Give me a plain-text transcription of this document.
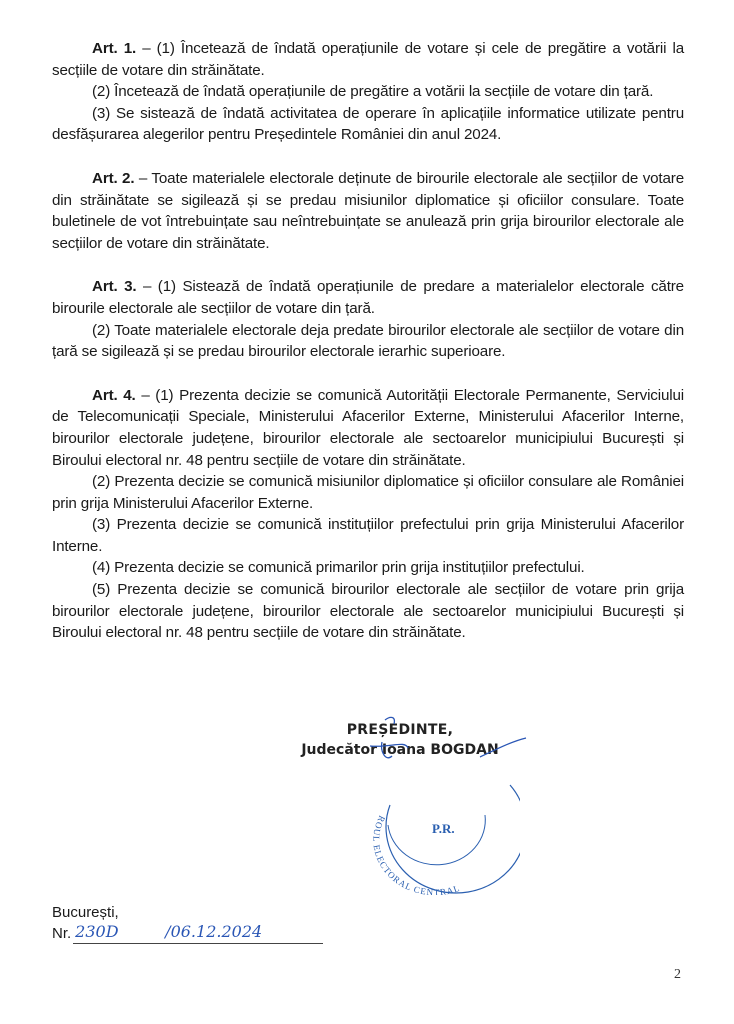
Art. 1. – (1) Încetează de îndată operațiunile de votare și cele de pregătire a votării la secțiile de votare din străinătate.

(2) Încetează de îndată operațiunile de pregătire a votării la secțiile de votare din țară.

(3) Se sistează de îndată activitatea de operare în aplicațiile informatice utilizate pentru desfășurarea alegerilor pentru Președintele României din anul 2024.

Art. 2. – Toate materialele electorale deținute de birourile electorale ale secțiilor de votare din străinătate se sigilează și se predau misiunilor diplomatice și oficiilor consulare. Toate buletinele de vot întrebuințate sau neîntrebuințate se anulează prin grija birourilor electorale ale secțiilor de votare din străinătate.

Art. 3. – (1) Sistează de îndată operațiunile de predare a materialelor electorale către birourile electorale ale secțiilor de votare din țară.

(2) Toate materialele electorale deja predate birourilor electorale ale secțiilor de votare din țară se sigilează și se predau birourilor electorale ierarhic superioare.

Art. 4. – (1) Prezenta decizie se comunică Autorității Electorale Permanente, Serviciului de Telecomunicații Speciale, Ministerului Afacerilor Externe, Ministerului Afacerilor Interne, birourilor electorale județene, birourilor electorale ale sectoarelor municipiului București și Biroului electoral nr. 48 pentru secțiile de votare din străinătate.

(2) Prezenta decizie se comunică misiunilor diplomatice și oficiilor consulare ale României prin grija Ministerului Afacerilor Externe.

(3) Prezenta decizie se comunică instituțiilor prefectului prin grija Ministerului Afacerilor Interne.

(4) Prezenta decizie se comunică primarilor prin grija instituțiilor prefectului.

(5) Prezenta decizie se comunică birourilor electorale ale secțiilor de votare prin grija birourilor electorale județene, birourilor electorale ale sectoarelor municipiului București și Biroului electoral nr. 48 pentru secțiile de votare din străinătate.

PREȘEDINTE,
Judecător Ioana BOGDAN
P.R.
ROUL ELECTORAL CENTRAL
București,
Nr. 230D	/06.12.2024
2
